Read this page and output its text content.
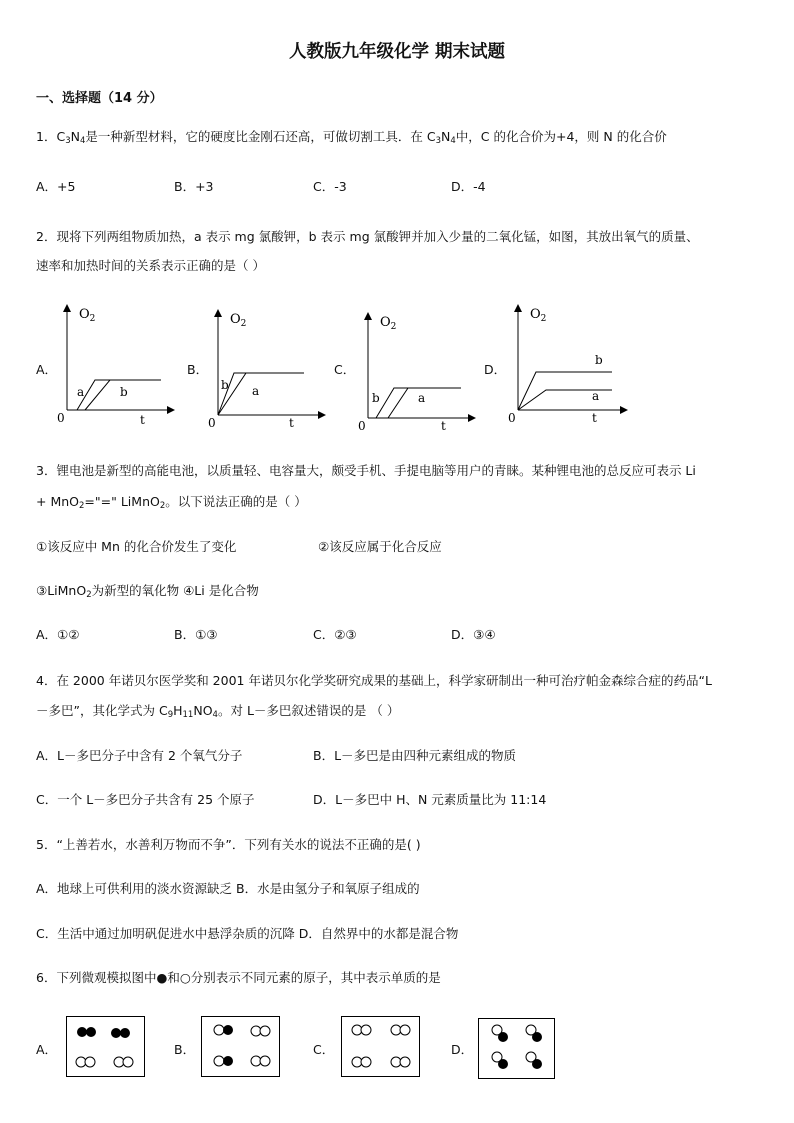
人教版九年级化学 期末试题
一、选择题（14 分）
1．$C_3N_4$是一种新型材料，它的硬度比金刚石还高，可做切割工具．在 $C_3N_4$中，C 的化合价为+4，则 N 的化合价
A．+5	B．+3	C．-3	D．-4
2．现将下列两组物质加热，a 表示 mg 氯酸钾，b 表示 mg 氯酸钾并加入少量的二氧化锰，如图，其放出氧气的质量、
速率和加热时间的关系表示正确的是（ ）
A．
$O_2$
0	t
a	b
B．
$O_2$
0	t
b a
C．
$O_2$
0	t
b	a
D．
$O_2$
0	t
b
a
3．锂电池是新型的高能电池，以质量轻、电容量大，颇受手机、手提电脑等用户的青睐。某种锂电池的总反应可表示 Li
+ MnO$_2$="=" LiMnO$_2$。以下说法正确的是（ ）
①该反应中 Mn 的化合价发生了变化	②该反应属于化合反应
③LiMnO$_2$为新型的氧化物 ④Li 是化合物
A．①②	B．①③	C．②③	D．③④
4．在 2000 年诺贝尔医学奖和 2001 年诺贝尔化学奖研究成果的基础上，科学家研制出一种可治疗帕金森综合症的药品“L
－多巴”，其化学式为 $C_9H_{11}NO_4$。对 L－多巴叙述错误的是 （ ）
A．L－多巴分子中含有 2 个氧气分子	B．L－多巴是由四种元素组成的物质
C．一个 L－多巴分子共含有 25 个原子	D．L－多巴中 H、N 元素质量比为 11:14
5．“上善若水，水善利万物而不争”．下列有关水的说法不正确的是( )
A．地球上可供利用的淡水资源缺乏 B．水是由氢分子和氧原子组成的
C．生活中通过加明矾促进水中悬浮杂质的沉降 D．自然界中的水都是混合物
6．下列微观模拟图中●和○分别表示不同元素的原子，其中表示单质的是
A．	B．	C．	D．
